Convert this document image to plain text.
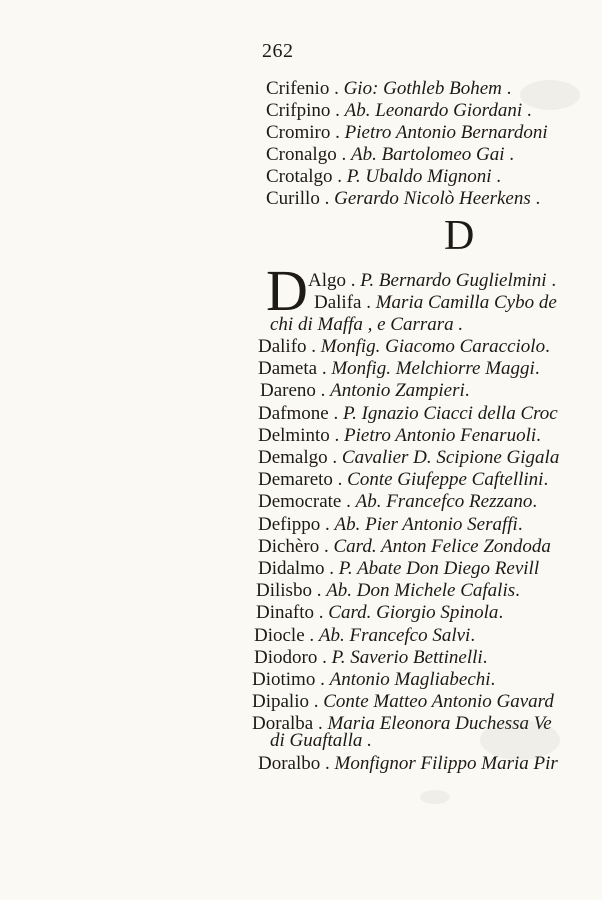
262
Crifenio . Gio: Gothleb Bohem .
Crifpino . Ab. Leonardo Giordani .
Cromiro . Pietro Antonio Bernardoni
Cronalgo . Ab. Bartolomeo Gai .
Crotalgo . P. Ubaldo Mignoni .
Curillo . Gerardo Nicolò Heerkens .
D
D Algo . P. Bernardo Guglielmini .
Dalifa . Maria Camilla Cybo de
chi di Maffa , e Carrara .
Dalifo . Monfig. Giacomo Caracciolo.
Dameta . Monfig. Melchiorre Maggi.
Dareno . Antonio Zampieri.
Dafmone . P. Ignazio Ciacci della Croc
Delminto . Pietro Antonio Fenaruoli.
Demalgo . Cavalier D. Scipione Gigala
Demareto . Conte Giufeppe Caftellini.
Democrate . Ab. Francefco Rezzano.
Defippo . Ab. Pier Antonio Seraffi.
Dichèro . Card. Anton Felice Zondoda
Didalmo . P. Abate Don Diego Revill
Dilisbo . Ab. Don Michele Cafalis.
Dinafto . Card. Giorgio Spinola.
Diocle . Ab. Francefco Salvi.
Diodoro . P. Saverio Bettinelli.
Diotimo . Antonio Magliabechi.
Dipalio . Conte Matteo Antonio Gavard
Doralba . Maria Eleonora Duchessa Ve
di Guaftalla .
Doralbo . Monfignor Filippo Maria Pir
